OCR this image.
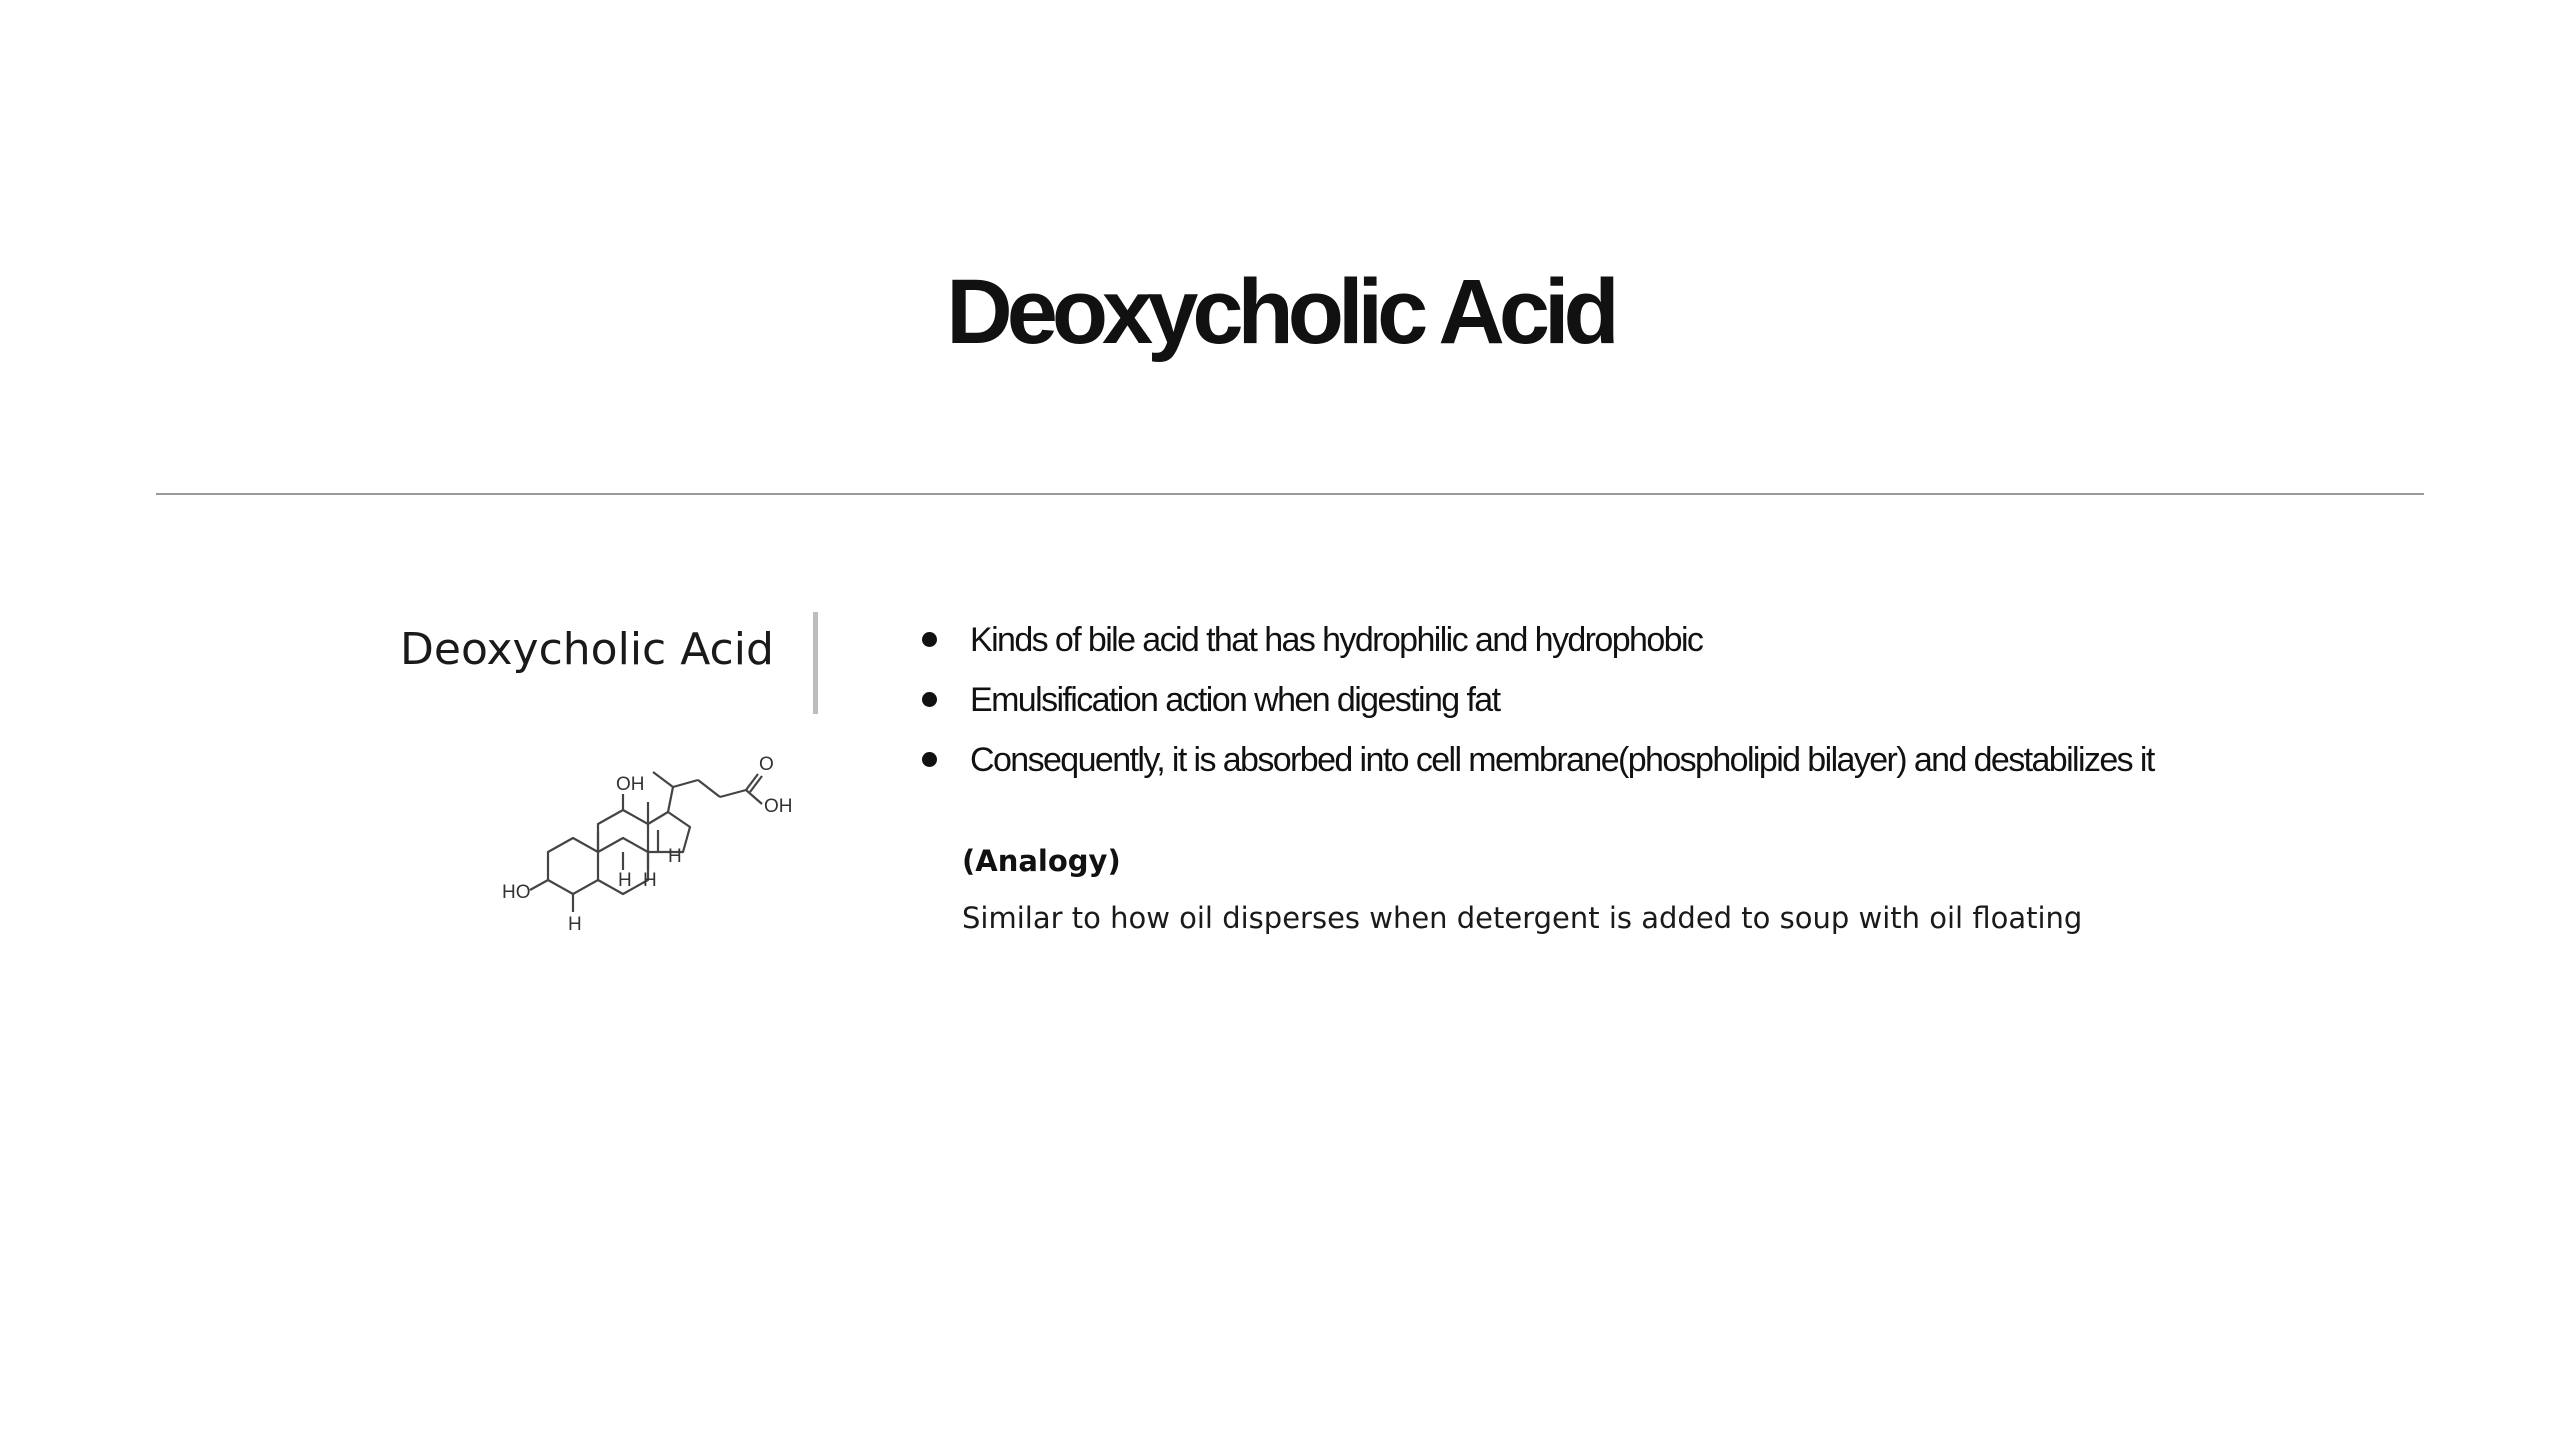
Deoxycholic Acid
Deoxycholic Acid
OH
O
OH
HO
H
H H
H
Kinds of bile acid that has hydrophilic and hydrophobic
Emulsification action when digesting fat
Consequently, it is absorbed into cell membrane(phospholipid bilayer) and destabilizes it
(Analogy)
Similar to how oil disperses when detergent is added to soup with oil floating
